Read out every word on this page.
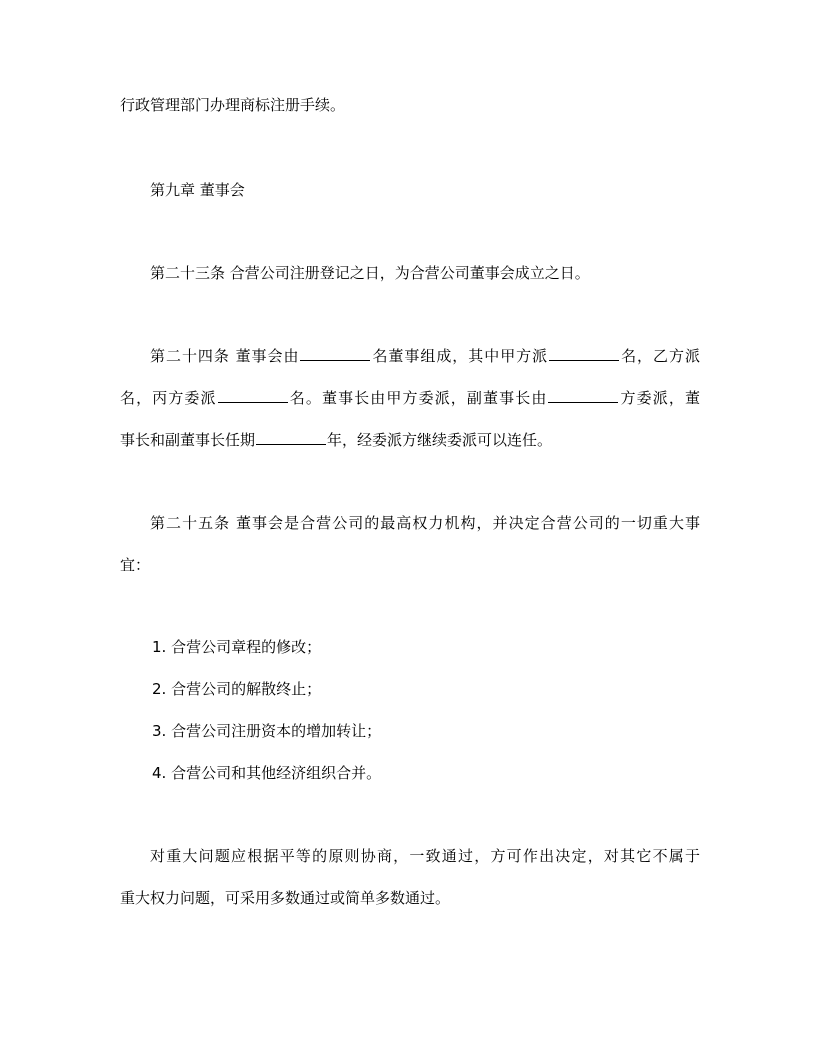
行政管理部门办理商标注册手续。
第九章 董事会
第二十三条 合营公司注册登记之日，为合营公司董事会成立之日。
第二十四条 董事会由	名董事组成，其中甲方派	名，乙方派
名，丙方委派	名。董事长由甲方委派，副董事长由	方委派，董
事长和副董事长任期	年，经委派方继续委派可以连任。
第二十五条 董事会是合营公司的最高权力机构，并决定合营公司的一切重大事
宜：
1. 合营公司章程的修改；
2. 合营公司的解散终止；
3. 合营公司注册资本的增加转让；
4. 合营公司和其他经济组织合并。
对重大问题应根据平等的原则协商，一致通过，方可作出决定，对其它不属于
重大权力问题，可采用多数通过或简单多数通过。
